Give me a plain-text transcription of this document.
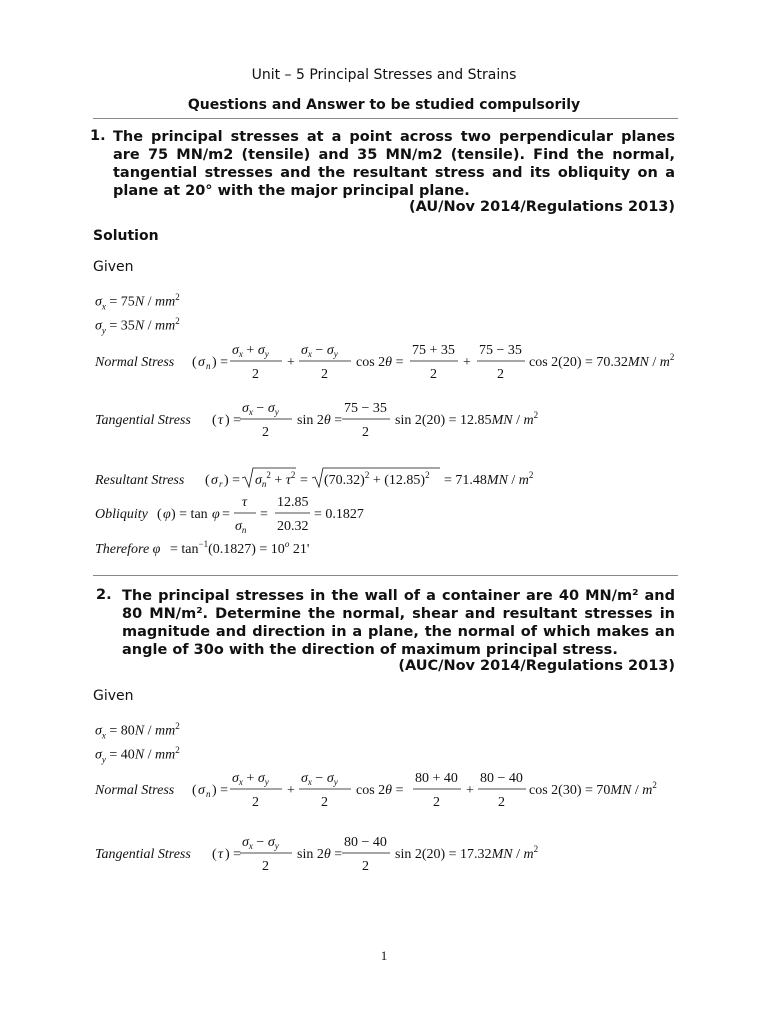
Unit – 5 Principal Stresses and Strains
Questions and Answer to be studied compulsorily
1. The principal stresses at a point across two perpendicular planes are 75 MN/m2 (tensile) and 35 MN/m2 (tensile). Find the normal, tangential stresses and the resultant stress and its obliquity on a plane at 20° with the major principal plane.
(AU/Nov 2014/Regulations 2013)
Solution
Given
$\sigma_x = 75N / mm^2$
$\sigma_y = 35N / mm^2$
Normal Stress ( σ n ) =
$\sigma_x + \sigma_y$
2
+
$\sigma_x - \sigma_y$
2
cos 2θ =
75 + 35
2
+
75 − 35
2
$\cos 2(20) = 70.32MN / m^2$
Tangential Stress ( τ ) =
$\sigma_x - \sigma_y$
2
sin 2θ =
75 − 35
2
$\sin 2(20) = 12.85MN / m^2$
Resultant Stress ( σ r ) = $\sigma_n^2 + \tau^2 = (70.32)^2 + (12.85)^2 = 71.48MN / m^2$
Obliquity ( φ ) = tan φ =
τ
$\sigma_n$
=
12.85
20.32
= 0.1827
Therefore $\varphi = \tan^{-1}(0.1827) = 10^o$ 21'
2. The principal stresses in the wall of a container are 40 MN/m² and 80 MN/m². Determine the normal, shear and resultant stresses in magnitude and direction in a plane, the normal of which makes an angle of 30o with the direction of maximum principal stress.
(AUC/Nov 2014/Regulations 2013)
Given
$\sigma_x = 80N / mm^2$
$\sigma_y = 40N / mm^2$
Normal Stress ( σ n ) =
$\sigma_x + \sigma_y$
2
+
$\sigma_x - \sigma_y$
2
cos 2θ =
80 + 40
2
+
80 − 40
2
$\cos 2(30) = 70MN / m^2$
Tangential Stress ( τ ) =
$\sigma_x - \sigma_y$
2
sin 2θ =
80 − 40
2
$\sin 2(20) = 17.32MN / m^2$
1
